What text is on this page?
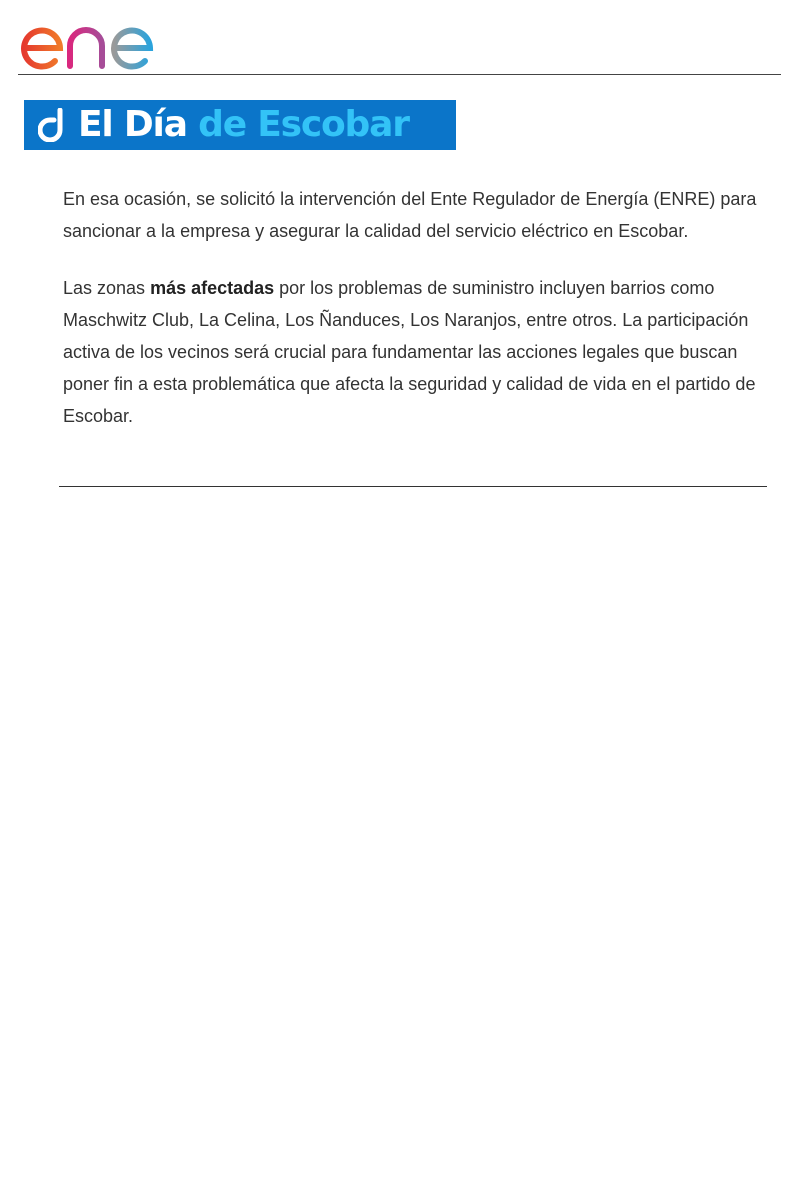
El Día de Escobar

En esa ocasión, se solicitó la intervención del Ente Regulador de Energía (ENRE) para sancionar a la empresa y asegurar la calidad del servicio eléctrico en Escobar.

Las zonas más afectadas por los problemas de suministro incluyen barrios como Maschwitz Club, La Celina, Los Ñanduces, Los Naranjos, entre otros. La participación activa de los vecinos será crucial para fundamentar las acciones legales que buscan poner fin a esta problemática que afecta la seguridad y calidad de vida en el partido de Escobar.
